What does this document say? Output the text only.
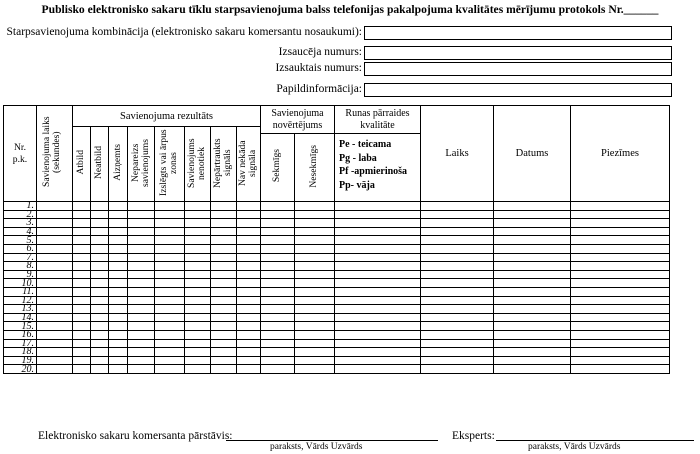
Publisko elektronisko sakaru tīklu starpsavienojuma balss telefonijas pakalpojuma kvalitātes mērījumu protokols Nr.______
Starpsavienojuma kombinācija (elektronisko sakaru komersantu nosaukumi):
Izsaucēja numurs:
Izsauktais numurs:
Papildinformācija:
Nr. p.k.	Savienojuma laiks (sekundes)	Savienojuma rezultāts								Savienojuma novērtējums		Runas pārraides kvalitāte	Laiks	Datums	Piezīmes
		Atbild	Neatbild	Aizņemts	Nepareizs savienojums	Izslēgts vai ārpus zonas	Savienojums nenotiek	Nepārtraukts signāls	Nav nekāda signāla						
										Sekmīgs	Nesekmīgs	Pe - teicama
Pg - laba
Pf -apmierinoša
Pp- vāja			

1.															
2.															
3.															
4.															
5.															
6.															
7.															
8.															
9.															
10.															
11.															
12.															
13.															
14.															
15.															
16.															
17.															
18.															
19.															
20.															
Elektronisko sakaru komersanta pārstāvis:
paraksts, Vārds Uzvārds
Eksperts:
paraksts, Vārds Uzvārds
